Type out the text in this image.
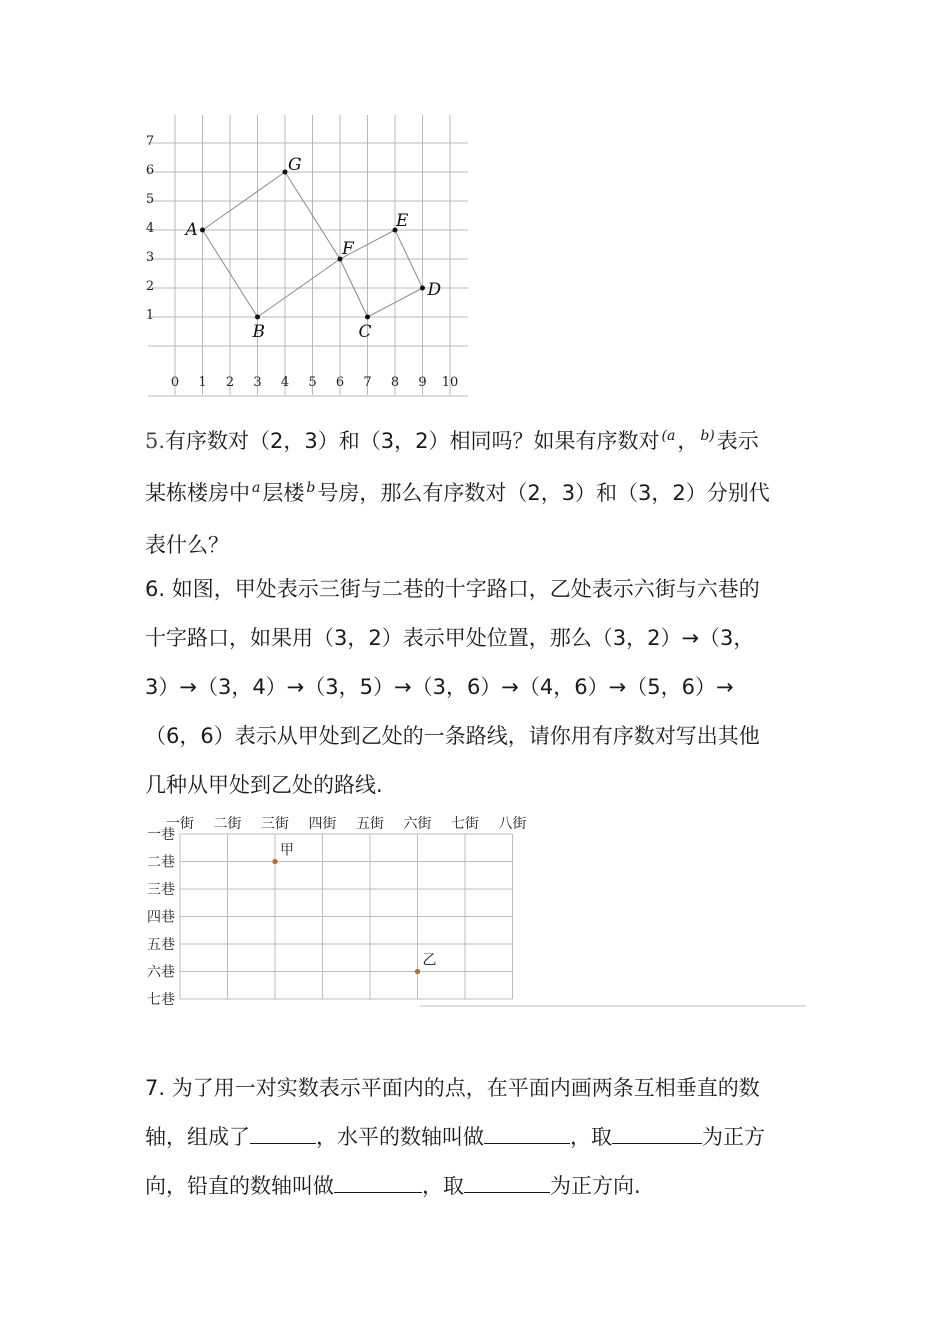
0 1 2 3 4 5 6 7 8 9 10
1
2
3
4
5
6
7
A
G
F
E
D
C
B
5.有序数对（2，3）和（3，2）相同吗？如果有序数对 $^{(a}$， $^{b)}$表示
某栋楼房中 $^a$层楼 $^b$号房，那么有序数对（2，3）和（3，2）分别代
表什么？
6. 如图，甲处表示三街与二巷的十字路口，乙处表示六街与六巷的
十字路口，如果用（3，2）表示甲处位置，那么（3，2）→（3，
3）→（3，4）→（3，5）→（3，6）→（4，6）→（5，6）→
（6，6）表示从甲处到乙处的一条路线，请你用有序数对写出其他
几种从甲处到乙处的路线.
一街 二街 三街 四街 五街 六街 七街 八街
一巷
二巷
三巷
四巷
五巷
六巷
七巷
甲
乙
7. 为了用一对实数表示平面内的点，在平面内画两条互相垂直的数
轴，组成了	，水平的数轴叫做	，取	为正方
向，铅直的数轴叫做	，取	为正方向.
